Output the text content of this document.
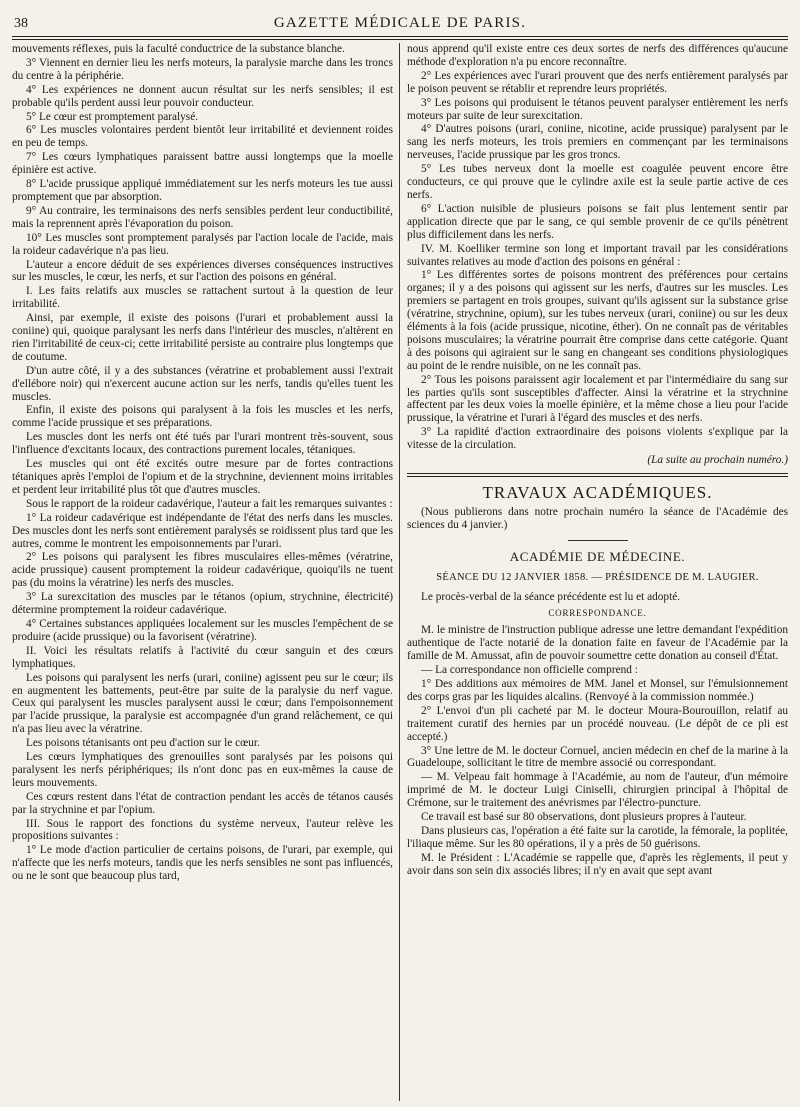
38	GAZETTE MÉDICALE DE PARIS.

mouvements réflexes, puis la faculté conductrice de la substance blanche.

3° Viennent en dernier lieu les nerfs moteurs, la paralysie marche dans les troncs du centre à la périphérie.

4° Les expériences ne donnent aucun résultat sur les nerfs sensibles; il est probable qu'ils perdent aussi leur pouvoir conducteur.

5° Le cœur est promptement paralysé.

6° Les muscles volontaires perdent bientôt leur irritabilité et deviennent roides en peu de temps.

7° Les cœurs lymphatiques paraissent battre aussi longtemps que la moelle épinière est active.

8° L'acide prussique appliqué immédiatement sur les nerfs moteurs les tue aussi promptement que par absorption.

9° Au contraire, les terminaisons des nerfs sensibles perdent leur conductibilité, mais la reprennent après l'évaporation du poison.

10° Les muscles sont promptement paralysés par l'action locale de l'acide, mais la roideur cadavérique n'a pas lieu.

L'auteur a encore déduit de ses expériences diverses conséquences instructives sur les muscles, le cœur, les nerfs, et sur l'action des poisons en général.

I. Les faits relatifs aux muscles se rattachent surtout à la question de leur irritabilité.

Ainsi, par exemple, il existe des poisons (l'urari et probablement aussi la coniine) qui, quoique paralysant les nerfs dans l'intérieur des muscles, n'altèrent en rien l'irritabilité de ceux-ci; cette irritabilité persiste au contraire plus longtemps que de coutume.

D'un autre côté, il y a des substances (vératrine et probablement aussi l'extrait d'ellébore noir) qui n'exercent aucune action sur les nerfs, tandis qu'elles tuent les muscles.

Enfin, il existe des poisons qui paralysent à la fois les muscles et les nerfs, comme l'acide prussique et ses préparations.

Les muscles dont les nerfs ont été tués par l'urari montrent très-souvent, sous l'influence d'excitants locaux, des contractions purement locales, tétaniques.

Les muscles qui ont été excités outre mesure par de fortes contractions tétaniques après l'emploi de l'opium et de la strychnine, deviennent moins irritables et perdent leur irritabilité plus tôt que d'autres muscles.

Sous le rapport de la roideur cadavérique, l'auteur a fait les remarques suivantes :

1° La roideur cadavérique est indépendante de l'état des nerfs dans les muscles. Des muscles dont les nerfs sont entièrement paralysés se roidissent plus tard que les autres, comme le montrent les empoisonnements par l'urari.

2° Les poisons qui paralysent les fibres musculaires elles-mêmes (vératrine, acide prussique) causent promptement la roideur cadavérique, quoiqu'ils ne tuent pas (du moins la vératrine) les nerfs des muscles.

3° La surexcitation des muscles par le tétanos (opium, strychnine, électricité) détermine promptement la roideur cadavérique.

4° Certaines substances appliquées localement sur les muscles l'empêchent de se produire (acide prussique) ou la favorisent (vératrine).

II. Voici les résultats relatifs à l'activité du cœur sanguin et des cœurs lymphatiques.

Les poisons qui paralysent les nerfs (urari, coniine) agissent peu sur le cœur; ils en augmentent les battements, peut-être par suite de la paralysie du nerf vague. Ceux qui paralysent les muscles paralysent aussi le cœur; dans l'empoisonnement par l'acide prussique, la paralysie est accompagnée d'un grand relâchement, ce qui n'a pas lieu avec la vératrine.

Les poisons tétanisants ont peu d'action sur le cœur.

Les cœurs lymphatiques des grenouilles sont paralysés par les poisons qui paralysent les nerfs périphériques; ils n'ont donc pas en eux-mêmes la cause de leurs mouvements.

Ces cœurs restent dans l'état de contraction pendant les accès de tétanos causés par la strychnine et par l'opium.

III. Sous le rapport des fonctions du système nerveux, l'auteur relève les propositions suivantes :

1° Le mode d'action particulier de certains poisons, de l'urari, par exemple, qui n'affecte que les nerfs moteurs, tandis que les nerfs sensibles ne sont pas influencés, ou ne le sont que beaucoup plus tard,

nous apprend qu'il existe entre ces deux sortes de nerfs des différences qu'aucune méthode d'exploration n'a pu encore reconnaître.

2° Les expériences avec l'urari prouvent que des nerfs entièrement paralysés par le poison peuvent se rétablir et reprendre leurs propriétés.

3° Les poisons qui produisent le tétanos peuvent paralyser entièrement les nerfs moteurs par suite de leur surexcitation.

4° D'autres poisons (urari, coniine, nicotine, acide prussique) paralysent par le sang les nerfs moteurs, les trois premiers en commençant par les terminaisons nerveuses, l'acide prussique par les gros troncs.

5° Les tubes nerveux dont la moelle est coagulée peuvent encore être conducteurs, ce qui prouve que le cylindre axile est la seule partie active de ces nerfs.

6° L'action nuisible de plusieurs poisons se fait plus lentement sentir par application directe que par le sang, ce qui semble provenir de ce qu'ils pénètrent plus difficilement dans les nerfs.

IV. M. Koelliker termine son long et important travail par les considérations suivantes relatives au mode d'action des poisons en général :

1° Les différentes sortes de poisons montrent des préférences pour certains organes; il y a des poisons qui agissent sur les nerfs, d'autres sur les muscles. Les premiers se partagent en trois groupes, suivant qu'ils agissent sur la substance grise (vératrine, strychnine, opium), sur les tubes nerveux (urari, coniine) ou sur les deux éléments à la fois (acide prussique, nicotine, éther). On ne connaît pas de véritables poisons musculaires; la vératrine pourrait être comprise dans cette catégorie. Quant à des poisons qui agiraient sur le sang en changeant ses conditions physiologiques au point de le rendre nuisible, on ne les connaît pas.

2° Tous les poisons paraissent agir localement et par l'intermédiaire du sang sur les parties qu'ils sont susceptibles d'affecter. Ainsi la vératrine et la strychnine affectent par les deux voies la moelle épinière, et la même chose a lieu pour l'acide prussique, la vératrine et l'urari à l'égard des muscles et des nerfs.

3° La rapidité d'action extraordinaire des poisons violents s'explique par la vitesse de la circulation.

(La suite au prochain numéro.)
TRAVAUX ACADÉMIQUES.

(Nous publierons dans notre prochain numéro la séance de l'Académie des sciences du 4 janvier.)

ACADÉMIE DE MÉDECINE.
SÉANCE DU 12 JANVIER 1858. — PRÉSIDENCE DE M. LAUGIER.

Le procès-verbal de la séance précédente est lu et adopté.

CORRESPONDANCE.

M. le ministre de l'instruction publique adresse une lettre demandant l'expédition authentique de l'acte notarié de la donation faite en faveur de l'Académie par la famille de M. Amussat, afin de pouvoir soumettre cette donation au conseil d'État.

— La correspondance non officielle comprend :

1° Des additions aux mémoires de MM. Janel et Monsel, sur l'émulsionnement des corps gras par les liquides alcalins. (Renvoyé à la commission nommée.)

2° L'envoi d'un pli cacheté par M. le docteur Moura-Bourouillon, relatif au traitement curatif des hernies par un procédé nouveau. (Le dépôt de ce pli est accepté.)

3° Une lettre de M. le docteur Cornuel, ancien médecin en chef de la marine à la Guadeloupe, sollicitant le titre de membre associé ou correspondant.

— M. Velpeau fait hommage à l'Académie, au nom de l'auteur, d'un mémoire imprimé de M. le docteur Luigi Ciniselli, chirurgien principal à l'hôpital de Crémone, sur le traitement des anévrismes par l'électro-puncture.

Ce travail est basé sur 80 observations, dont plusieurs propres à l'auteur.

Dans plusieurs cas, l'opération a été faite sur la carotide, la fémorale, la poplitée, l'iliaque même. Sur les 80 opérations, il y a près de 50 guérisons.

M. le Président : L'Académie se rappelle que, d'après les règlements, il peut y avoir dans son sein dix associés libres; il n'y en avait que sept avant
